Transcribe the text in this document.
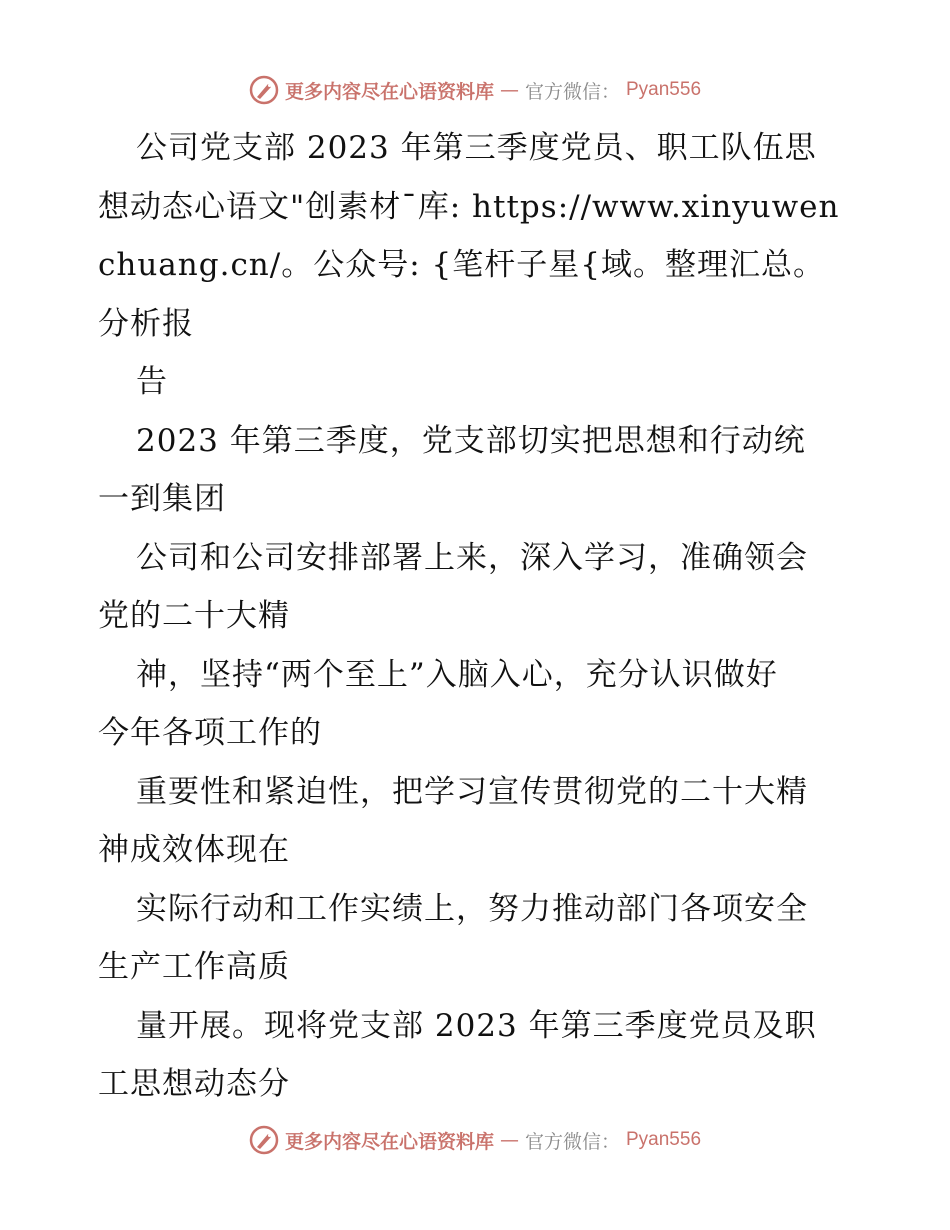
更多内容尽在心语资料库 — 官方微信： Pyan556
公司党支部 2023 年第三季度党员、职工队伍思
想动态心语文"创素材¯库: https://www.xinyuwen
chuang.cn/。公众号: {笔杆子星{域。整理汇总。
分析报
告
2023 年第三季度，党支部切实把思想和行动统
一到集团
公司和公司安排部署上来，深入学习，准确领会
党的二十大精
神，坚持“两个至上”入脑入心，充分认识做好
今年各项工作的
重要性和紧迫性，把学习宣传贯彻党的二十大精
神成效体现在
实际行动和工作实绩上，努力推动部门各项安全
生产工作高质
量开展。现将党支部 2023 年第三季度党员及职
工思想动态分
更多内容尽在心语资料库 — 官方微信： Pyan556
